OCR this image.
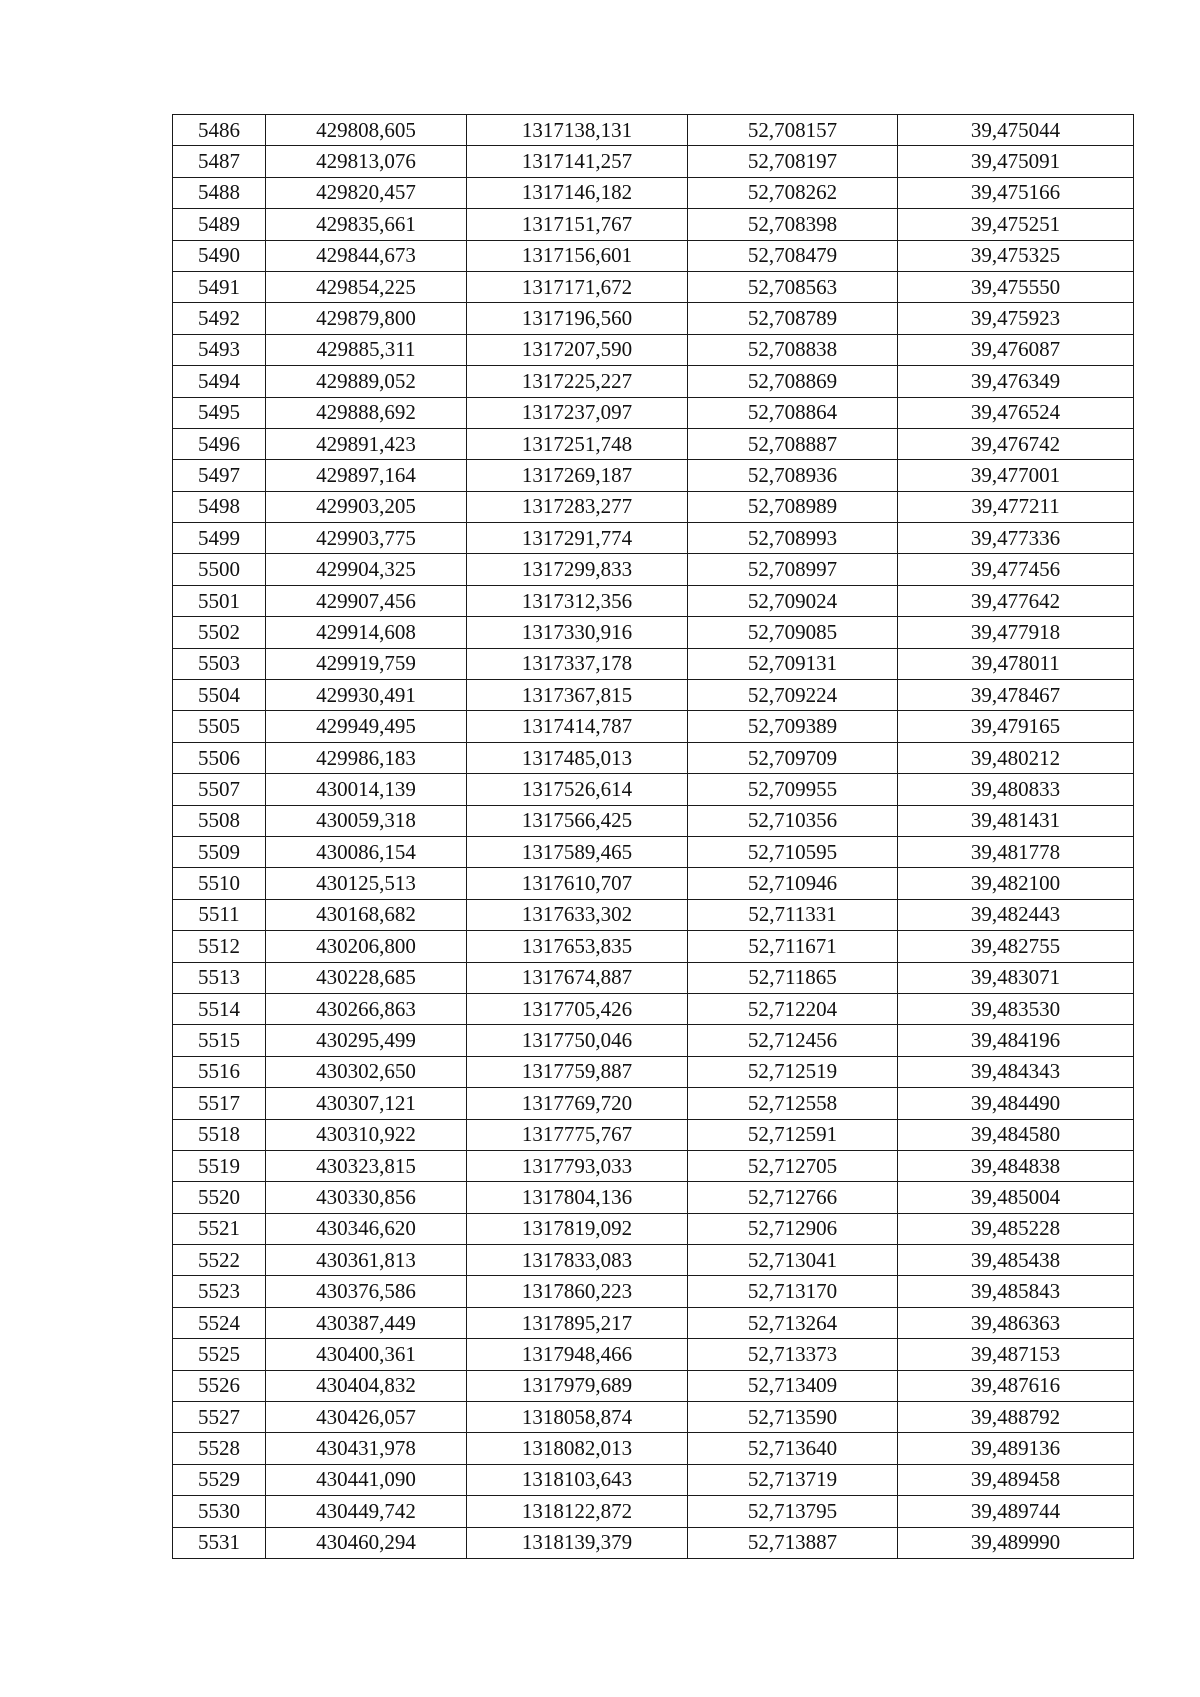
5486	429808,605	1317138,131	52,708157	39,475044
5487	429813,076	1317141,257	52,708197	39,475091
5488	429820,457	1317146,182	52,708262	39,475166
5489	429835,661	1317151,767	52,708398	39,475251
5490	429844,673	1317156,601	52,708479	39,475325
5491	429854,225	1317171,672	52,708563	39,475550
5492	429879,800	1317196,560	52,708789	39,475923
5493	429885,311	1317207,590	52,708838	39,476087
5494	429889,052	1317225,227	52,708869	39,476349
5495	429888,692	1317237,097	52,708864	39,476524
5496	429891,423	1317251,748	52,708887	39,476742
5497	429897,164	1317269,187	52,708936	39,477001
5498	429903,205	1317283,277	52,708989	39,477211
5499	429903,775	1317291,774	52,708993	39,477336
5500	429904,325	1317299,833	52,708997	39,477456
5501	429907,456	1317312,356	52,709024	39,477642
5502	429914,608	1317330,916	52,709085	39,477918
5503	429919,759	1317337,178	52,709131	39,478011
5504	429930,491	1317367,815	52,709224	39,478467
5505	429949,495	1317414,787	52,709389	39,479165
5506	429986,183	1317485,013	52,709709	39,480212
5507	430014,139	1317526,614	52,709955	39,480833
5508	430059,318	1317566,425	52,710356	39,481431
5509	430086,154	1317589,465	52,710595	39,481778
5510	430125,513	1317610,707	52,710946	39,482100
5511	430168,682	1317633,302	52,711331	39,482443
5512	430206,800	1317653,835	52,711671	39,482755
5513	430228,685	1317674,887	52,711865	39,483071
5514	430266,863	1317705,426	52,712204	39,483530
5515	430295,499	1317750,046	52,712456	39,484196
5516	430302,650	1317759,887	52,712519	39,484343
5517	430307,121	1317769,720	52,712558	39,484490
5518	430310,922	1317775,767	52,712591	39,484580
5519	430323,815	1317793,033	52,712705	39,484838
5520	430330,856	1317804,136	52,712766	39,485004
5521	430346,620	1317819,092	52,712906	39,485228
5522	430361,813	1317833,083	52,713041	39,485438
5523	430376,586	1317860,223	52,713170	39,485843
5524	430387,449	1317895,217	52,713264	39,486363
5525	430400,361	1317948,466	52,713373	39,487153
5526	430404,832	1317979,689	52,713409	39,487616
5527	430426,057	1318058,874	52,713590	39,488792
5528	430431,978	1318082,013	52,713640	39,489136
5529	430441,090	1318103,643	52,713719	39,489458
5530	430449,742	1318122,872	52,713795	39,489744
5531	430460,294	1318139,379	52,713887	39,489990
